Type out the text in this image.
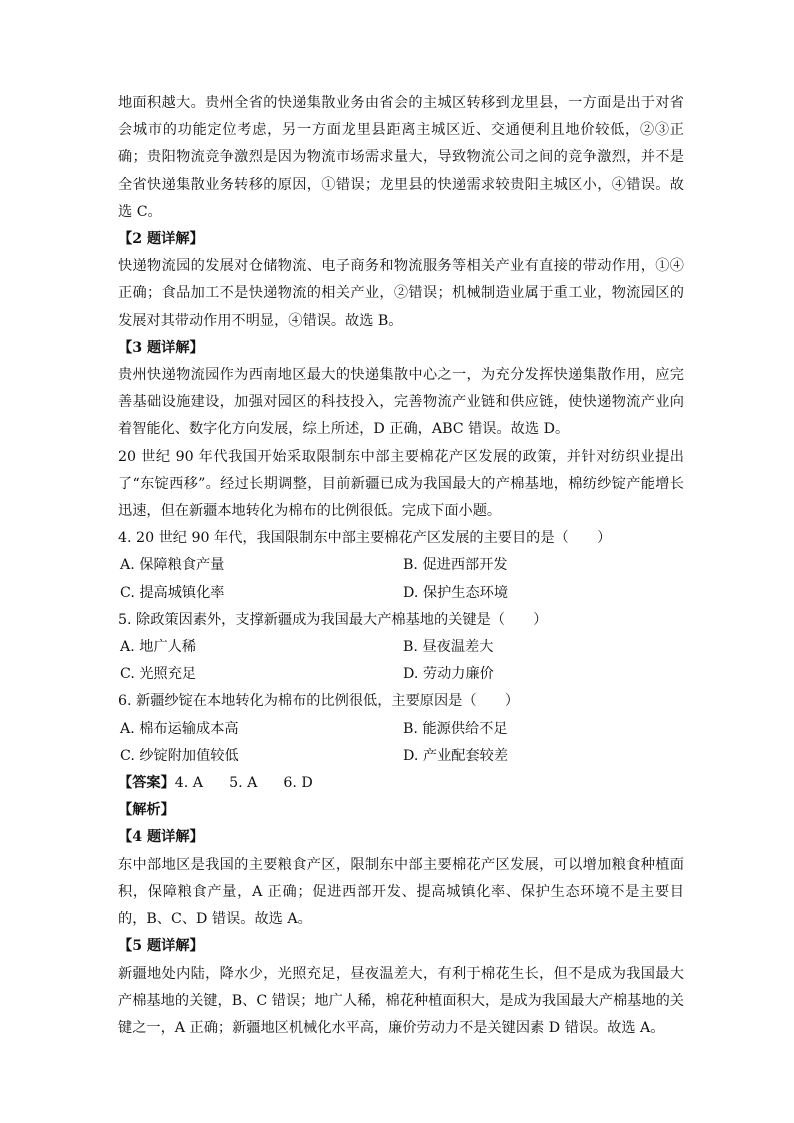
地面积越大。贵州全省的快递集散业务由省会的主城区转移到龙里县，一方面是出于对省会城市的功能定位考虑，另一方面龙里县距离主城区近、交通便利且地价较低，②③正确；贵阳物流竞争激烈是因为物流市场需求量大，导致物流公司之间的竞争激烈，并不是全省快递集散业务转移的原因，①错误；龙里县的快递需求较贵阳主城区小，④错误。故选 C。

【2 题详解】

快递物流园的发展对仓储物流、电子商务和物流服务等相关产业有直接的带动作用，①④正确；食品加工不是快递物流的相关产业，②错误；机械制造业属于重工业，物流园区的发展对其带动作用不明显，④错误。故选 B。

【3 题详解】

贵州快递物流园作为西南地区最大的快递集散中心之一，为充分发挥快递集散作用，应完善基础设施建设，加强对园区的科技投入，完善物流产业链和供应链，使快递物流产业向着智能化、数字化方向发展，综上所述，D 正确，ABC 错误。故选 D。

20 世纪 90 年代我国开始采取限制东中部主要棉花产区发展的政策，并针对纺织业提出了“东锭西移”。经过长期调整，目前新疆已成为我国最大的产棉基地，棉纺纱锭产能增长迅速，但在新疆本地转化为棉布的比例很低。完成下面小题。

4. 20 世纪 90 年代，我国限制东中部主要棉花产区发展的主要目的是（　　）

A. 保障粮食产量	B. 促进西部开发
C. 提高城镇化率	D. 保护生态环境

5. 除政策因素外，支撑新疆成为我国最大产棉基地的关键是（　　）

A. 地广人稀	B. 昼夜温差大
C. 光照充足	D. 劳动力廉价

6. 新疆纱锭在本地转化为棉布的比例很低，主要原因是（　　）

A. 棉布运输成本高	B. 能源供给不足
C. 纱锭附加值较低	D. 产业配套较差

【答案】4. A 5. A 6. D

【解析】

【4 题详解】

东中部地区是我国的主要粮食产区，限制东中部主要棉花产区发展，可以增加粮食种植面积，保障粮食产量，A 正确；促进西部开发、提高城镇化率、保护生态环境不是主要目的，B、C、D 错误。故选 A。

【5 题详解】

新疆地处内陆，降水少，光照充足，昼夜温差大，有利于棉花生长，但不是成为我国最大产棉基地的关键，B、C 错误；地广人稀，棉花种植面积大，是成为我国最大产棉基地的关键之一，A 正确；新疆地区机械化水平高，廉价劳动力不是关键因素 D 错误。故选 A。
